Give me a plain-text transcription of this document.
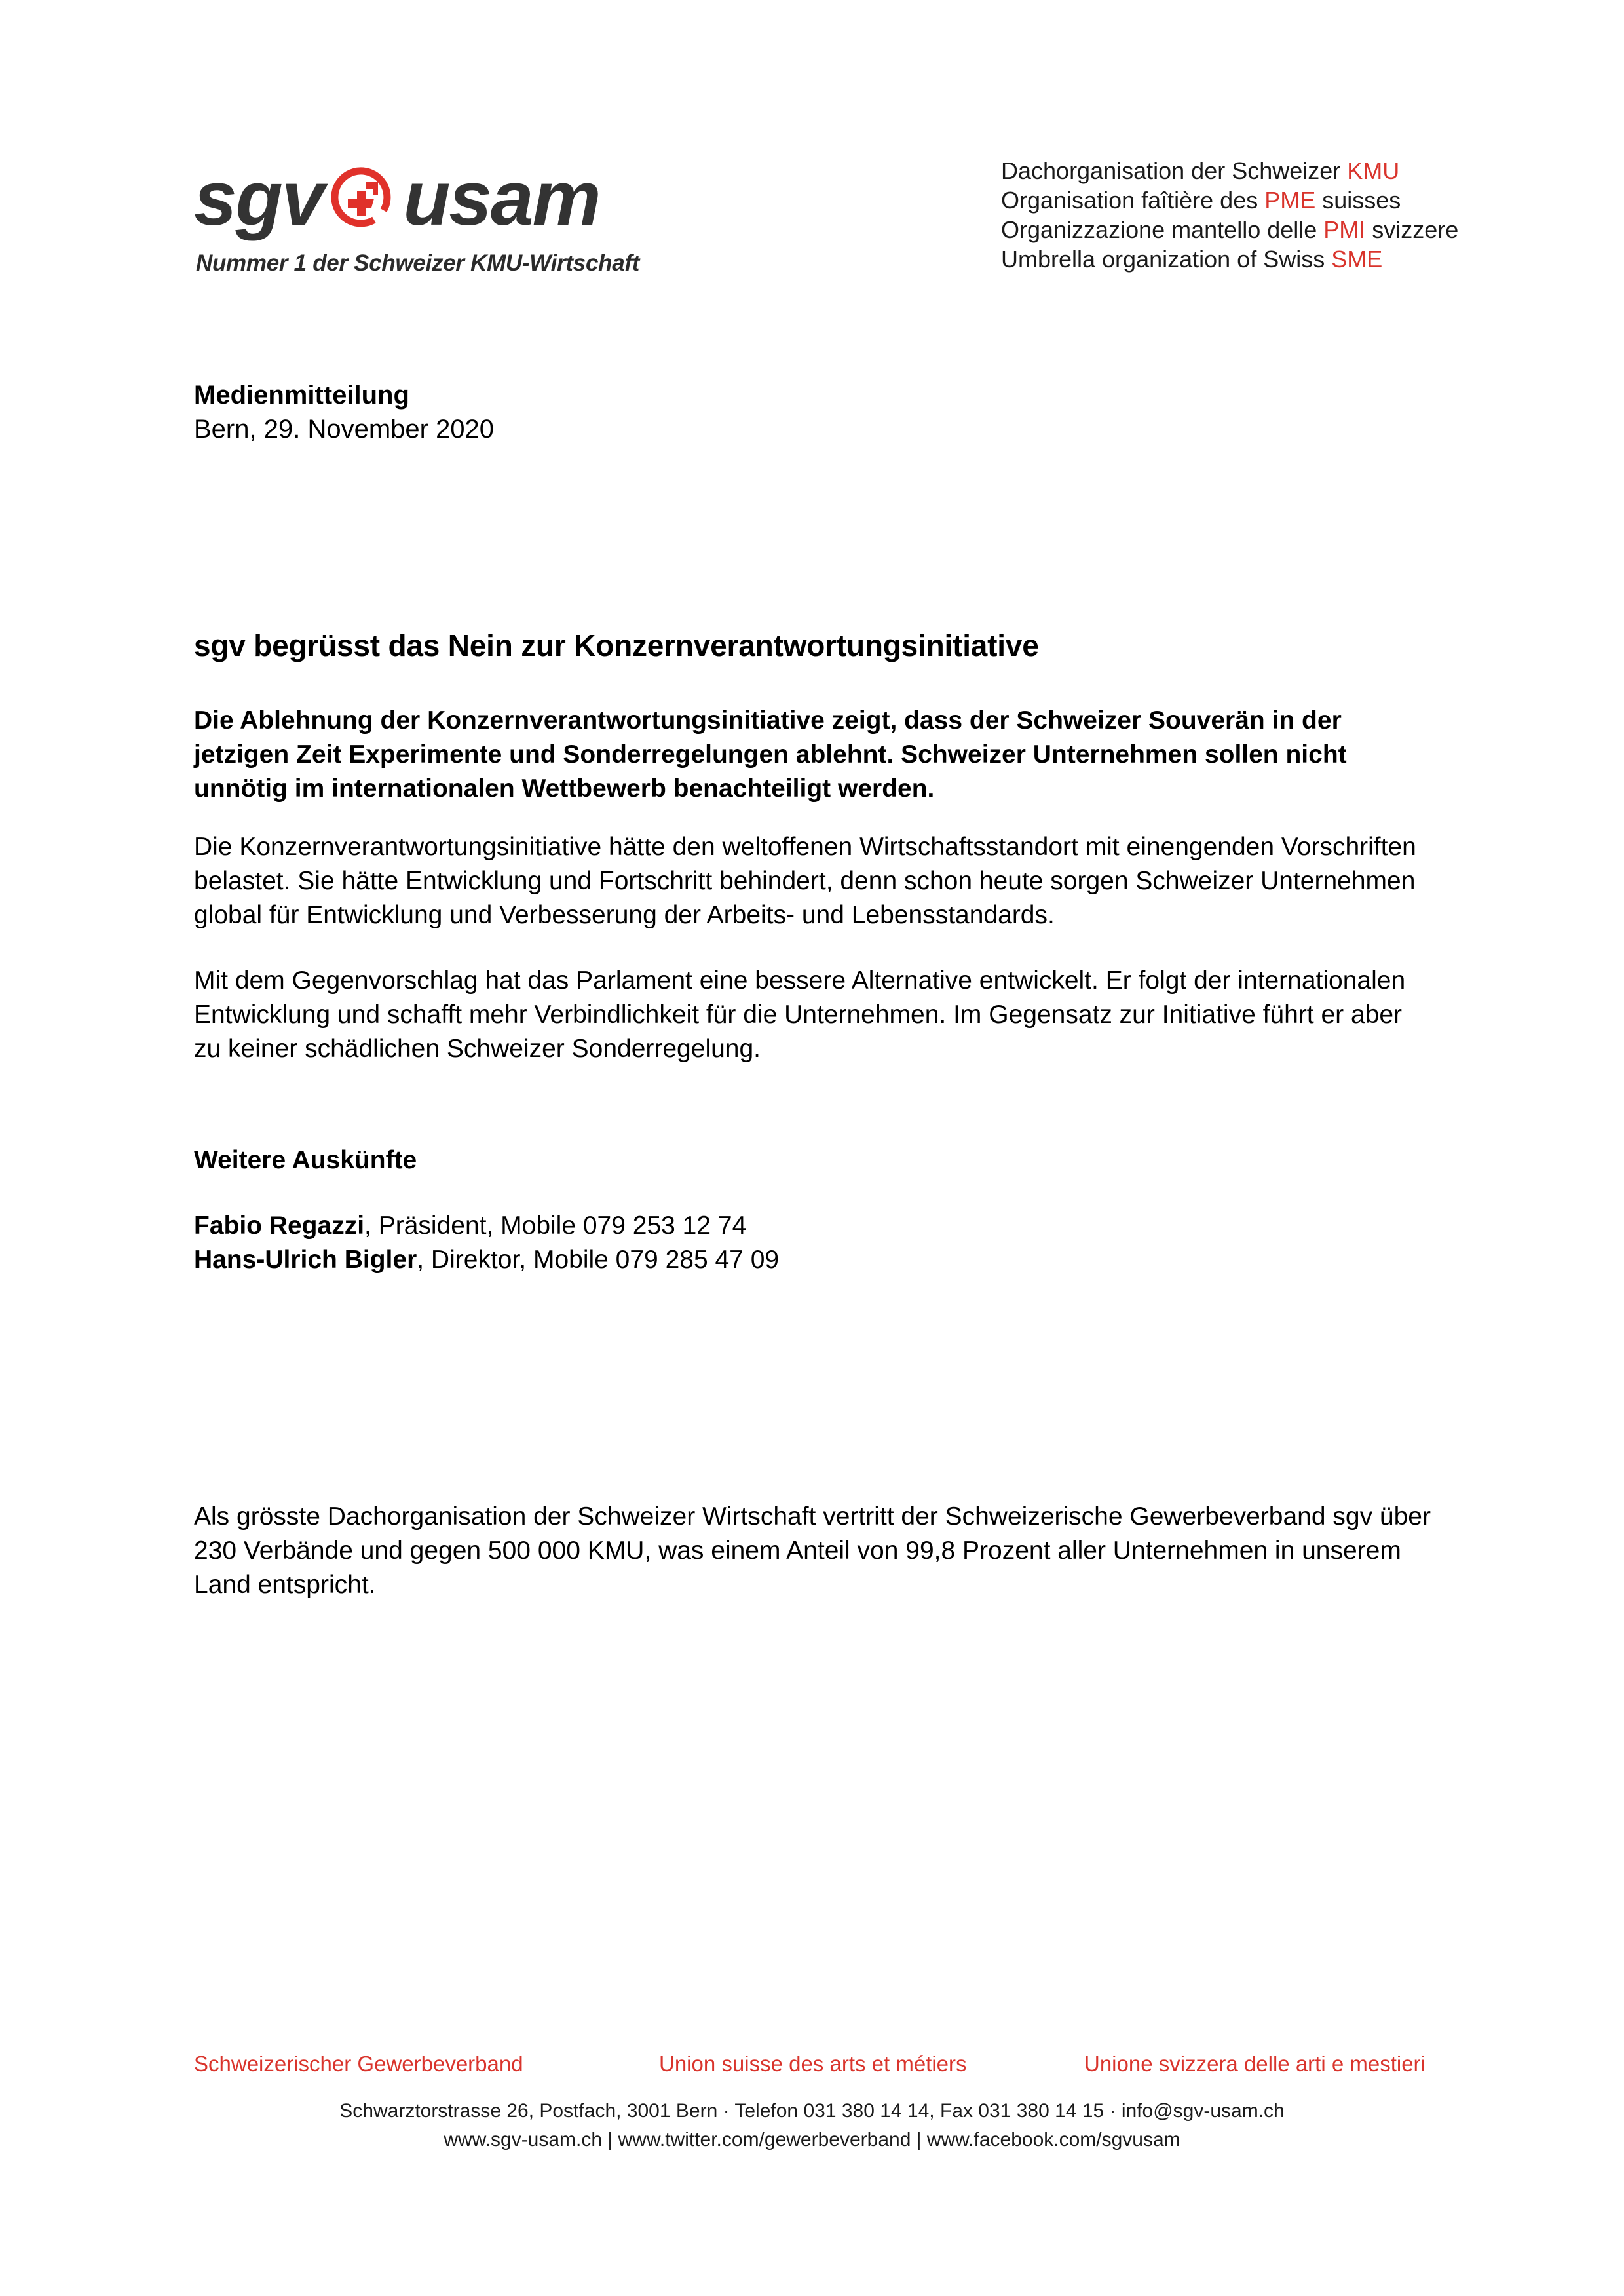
sgv usam
Nummer 1 der Schweizer KMU-Wirtschaft
Dachorganisation der Schweizer KMU
Organisation faîtière des PME suisses
Organizzazione mantello delle PMI svizzere
Umbrella organization of Swiss SME
Medienmitteilung
Bern, 29. November 2020
sgv begrüsst das Nein zur Konzernverantwortungsinitiative

Die Ablehnung der Konzernverantwortungsinitiative zeigt, dass der Schweizer Souverän in der jetzigen Zeit Experimente und Sonderregelungen ablehnt. Schweizer Unternehmen sollen nicht unnötig im internationalen Wettbewerb benachteiligt werden.

Die Konzernverantwortungsinitiative hätte den weltoffenen Wirtschaftsstandort mit einengenden Vorschriften belastet. Sie hätte Entwicklung und Fortschritt behindert, denn schon heute sorgen Schweizer Unternehmen global für Entwicklung und Verbesserung der Arbeits- und Lebensstandards.

Mit dem Gegenvorschlag hat das Parlament eine bessere Alternative entwickelt. Er folgt der internationalen Entwicklung und schafft mehr Verbindlichkeit für die Unternehmen. Im Gegensatz zur Initiative führt er aber zu keiner schädlichen Schweizer Sonderregelung.

Weitere Auskünfte
Fabio Regazzi, Präsident, Mobile 079 253 12 74
Hans-Ulrich Bigler, Direktor, Mobile 079 285 47 09

Als grösste Dachorganisation der Schweizer Wirtschaft vertritt der Schweizerische Gewerbeverband sgv über 230 Verbände und gegen 500 000 KMU, was einem Anteil von 99,8 Prozent aller Unternehmen in unserem Land entspricht.

Schweizerischer Gewerbeverband	Union suisse des arts et métiers	Unione svizzera delle arti e mestieri
Schwarztorstrasse 26, Postfach, 3001 Bern · Telefon 031 380 14 14, Fax 031 380 14 15 · info@sgv-usam.ch
www.sgv-usam.ch | www.twitter.com/gewerbeverband | www.facebook.com/sgvusam
